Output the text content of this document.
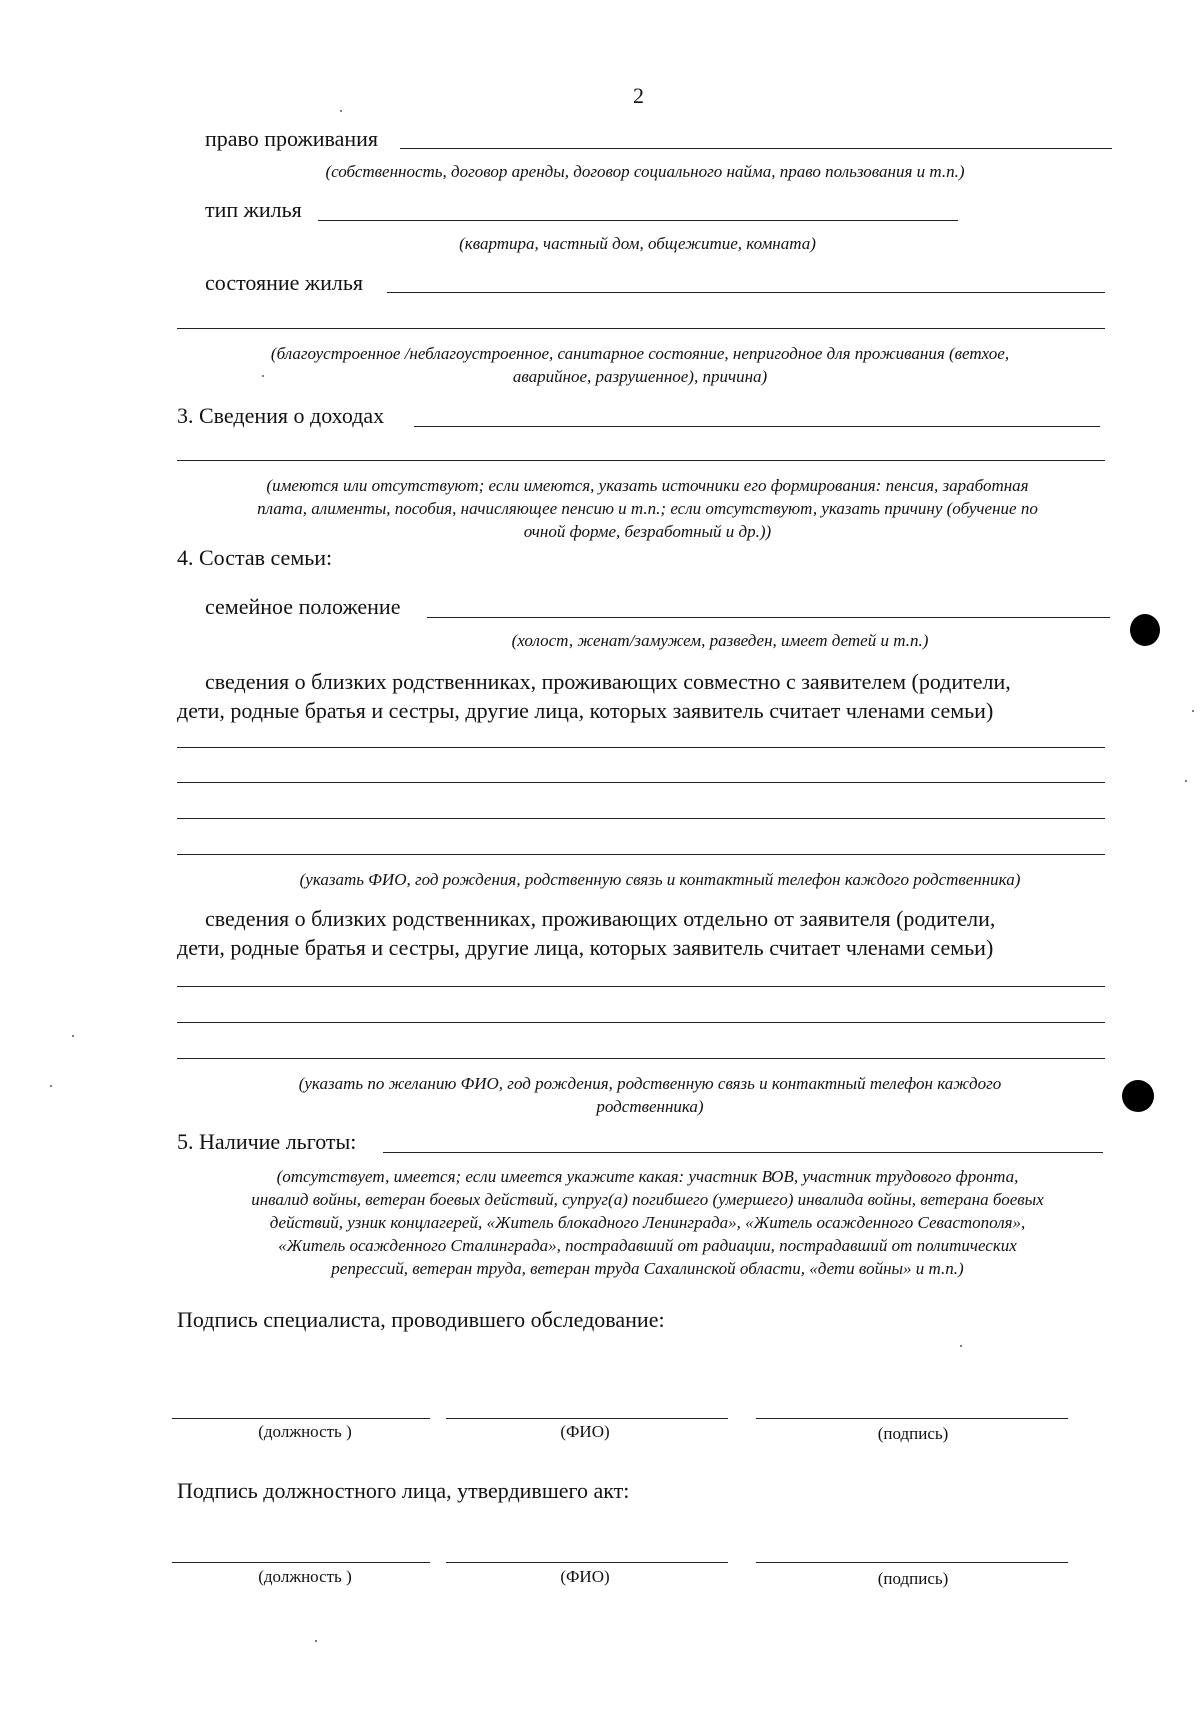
2
право проживания
(собственность, договор аренды, договор социального найма, право пользования и т.п.)
тип жилья
(квартира, частный дом, общежитие, комната)
состояние жилья
(благоустроенное /неблагоустроенное, санитарное состояние, непригодное для проживания (ветхое,
аварийное, разрушенное), причина)
3. Сведения о доходах
(имеются или отсутствуют; если имеются, указать источники его формирования: пенсия, заработная
плата, алименты, пособия, начисляющее пенсию и т.п.; если отсутствуют, указать причину (обучение по
очной форме, безработный и др.))
4. Состав семьи:
семейное положение
(холост, женат/замужем, разведен, имеет детей и т.п.)
сведения о близких родственниках, проживающих совместно с заявителем (родители,
дети, родные братья и сестры, другие лица, которых заявитель считает членами семьи)
(указать ФИО, год рождения, родственную связь и контактный телефон каждого родственника)
сведения о близких родственниках, проживающих отдельно от заявителя (родители,
дети, родные братья и сестры, другие лица, которых заявитель считает членами семьи)
(указать по желанию ФИО, год рождения, родственную связь и контактный телефон каждого
родственника)
5. Наличие льготы:
(отсутствует, имеется; если имеется укажите какая: участник ВОВ, участник трудового фронта,
инвалид войны, ветеран боевых действий, супруг(а) погибшего (умершего) инвалида войны, ветерана боевых
действий, узник концлагерей, «Житель блокадного Ленинграда», «Житель осажденного Севастополя»,
«Житель осажденного Сталинграда», пострадавший от радиации, пострадавший от политических
репрессий, ветеран труда, ветеран труда Сахалинской области, «дети войны» и т.п.)
Подпись специалиста, проводившего обследование:
(должность )	(ФИО)	(подпись)
Подпись должностного лица, утвердившего акт:
(должность )	(ФИО)	(подпись)
